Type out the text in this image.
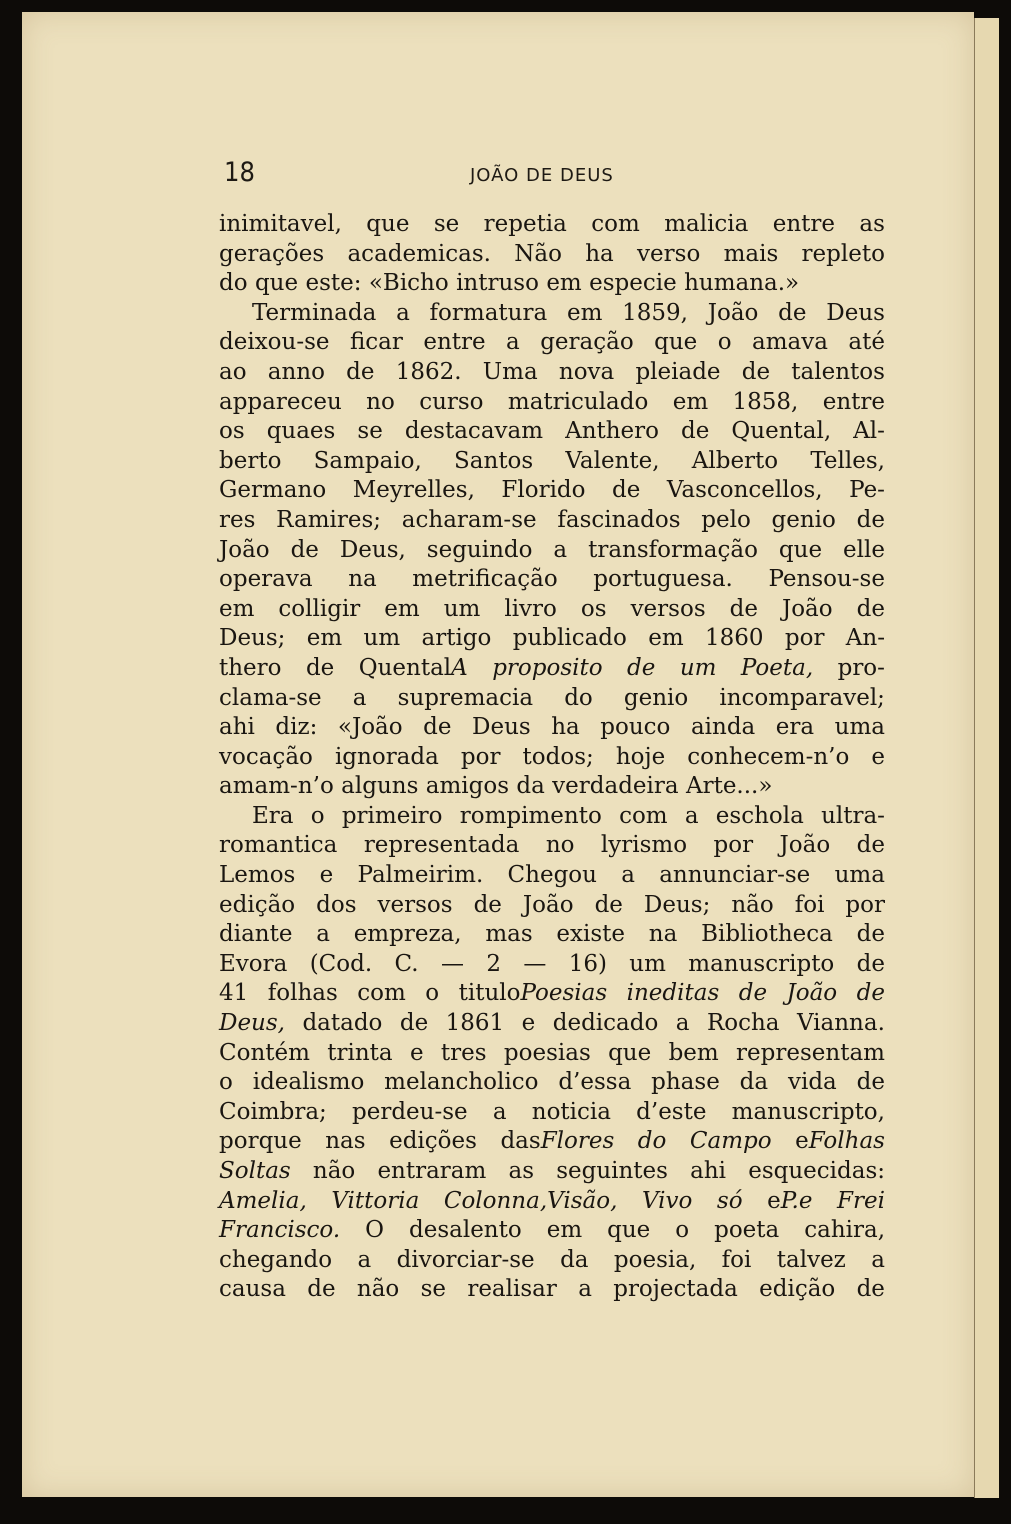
18	JOÃO DE DEUS
inimitavel, que se repetia com malicia entre as
gerações academicas. Não ha verso mais repleto
do que este: «Bicho intruso em especie humana.»
Terminada a formatura em 1859, João de Deus
deixou-se ficar entre a geração que o amava até
ao anno de 1862. Uma nova pleiade de talentos
appareceu no curso matriculado em 1858, entre
os quaes se destacavam Anthero de Quental, Al-
berto Sampaio, Santos Valente, Alberto Telles,
Germano Meyrelles, Florido de Vasconcellos, Pe-
res Ramires; acharam-se fascinados pelo genio de
João de Deus, seguindo a transformação que elle
operava na metrificação portuguesa. Pensou-se
em colligir em um livro os versos de João de
Deus; em um artigo publicado em 1860 por An-
thero de QuentalA proposito de um Poeta, pro-
clama-se a supremacia do genio incomparavel;
ahi diz: «João de Deus ha pouco ainda era uma
vocação ignorada por todos; hoje conhecem-n’o e
amam-n’o alguns amigos da verdadeira Arte...»
Era o primeiro rompimento com a eschola ultra-
romantica representada no lyrismo por João de
Lemos e Palmeirim. Chegou a annunciar-se uma
edição dos versos de João de Deus; não foi por
diante a empreza, mas existe na Bibliotheca de
Evora (Cod. C. — 2 — 16) um manuscripto de
41 folhas com o tituloPoesias ineditas de João de
Deus, datado de 1861 e dedicado a Rocha Vianna.
Contém trinta e tres poesias que bem representam
o idealismo melancholico d’essa phase da vida de
Coimbra; perdeu-se a noticia d’este manuscripto,
porque nas edições dasFlores do Campo eFolhas
Soltas não entraram as seguintes ahi esquecidas:
Amelia, Vittoria Colonna,Visão, Vivo só eP.e Frei
Francisco. O desalento em que o poeta cahira,
chegando a divorciar-se da poesia, foi talvez a
causa de não se realisar a projectada edição de
